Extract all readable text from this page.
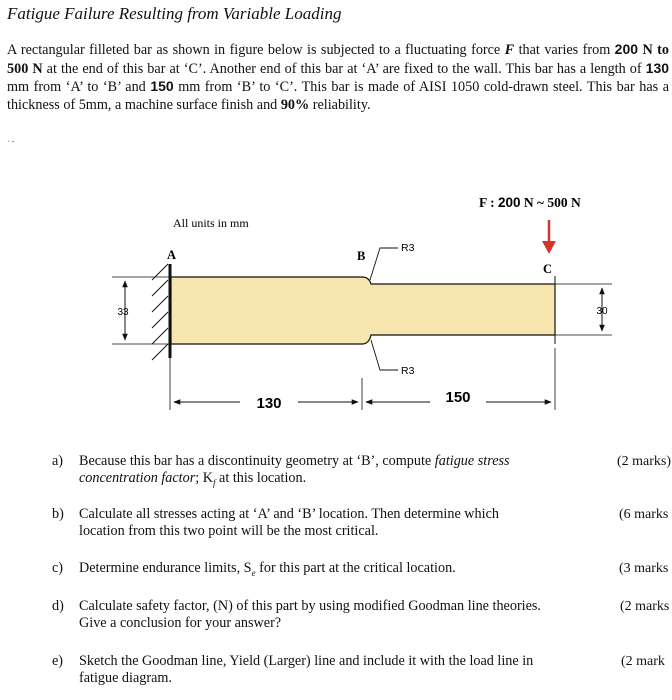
Fatigue Failure Resulting from Variable Loading
A rectangular filleted bar as shown in figure below is subjected to a fluctuating force F that varies from 200 N to 500 N at the end of this bar at ‘C’. Another end of this bar at ‘A’ are fixed to the wall. This bar has a length of 130 mm from ‘A’ to ‘B’ and 150 mm from ‘B’ to ‘C’. This bar is made of AISI 1050 cold-drawn steel. This bar has a thickness of 5mm, a machine surface finish and 90% reliability.
· -
33	30
All units in mm
A	B
C
R3
R3
F : 200 N ~ 500 N
130	150
a)	Because this bar has a discontinuity geometry at ‘B’, compute fatigue stress
concentration factor; $K_f$ at this location.
(2 marks)
b)	Calculate all stresses acting at ‘A’ and ‘B’ location. Then determine which
location from this two point will be the most critical.
(6 marks
c)	Determine endurance limits, $S_e$ for this part at the critical location.	(3 marks
d)	Calculate safety factor, (N) of this part by using modified Goodman line theories.
Give a conclusion for your answer?
(2 marks
e)	Sketch the Goodman line, Yield (Larger) line and include it with the load line in
fatigue diagram.
(2 mark
